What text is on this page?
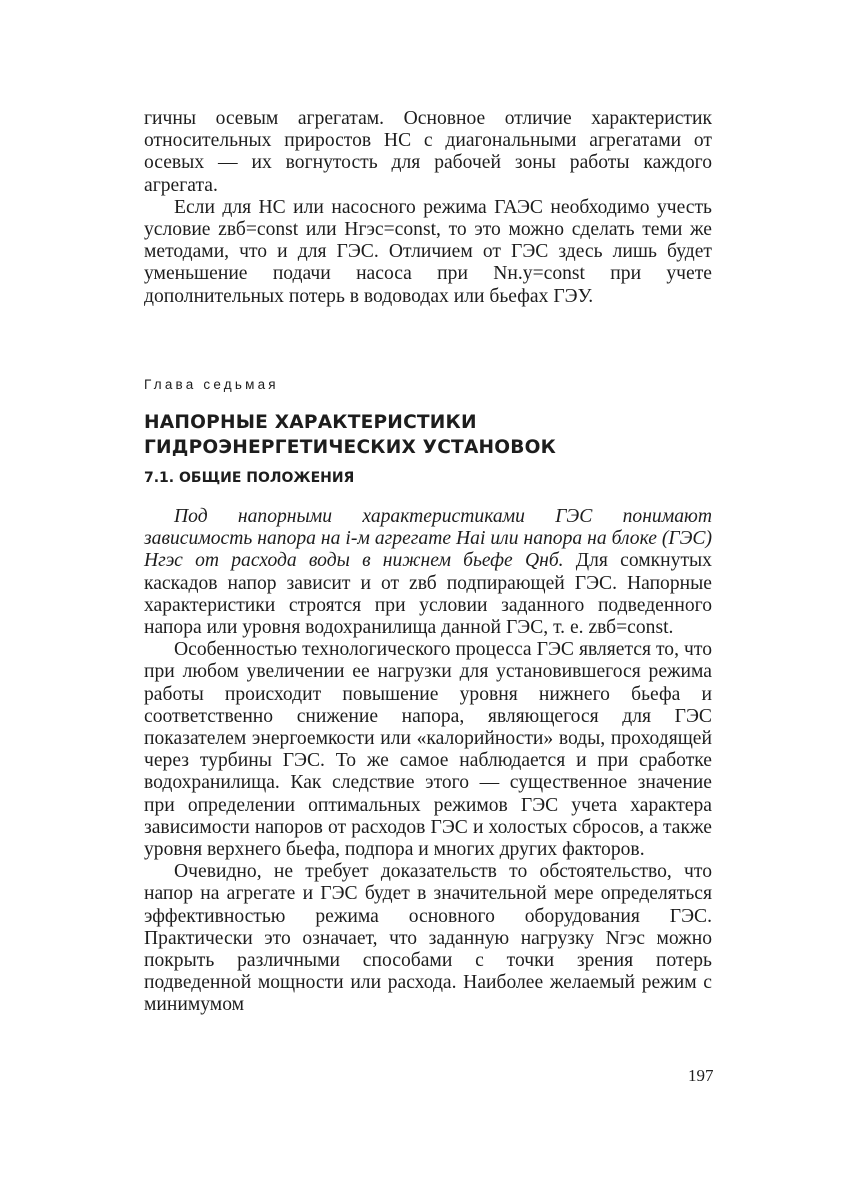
гичны осевым агрегатам. Основное отличие характеристик относительных приростов НС с диагональными агрегатами от осевых — их вогнутость для рабочей зоны работы каждого агрегата.

Если для НС или насосного режима ГАЭС необходимо учесть условие zвб=const или Hгэс=const, то это можно сделать теми же методами, что и для ГЭС. Отличием от ГЭС здесь лишь будет уменьшение подачи насоса при Nн.у=const при учете дополнительных потерь в водоводах или бьефах ГЭУ.

Глава седьмая

НАПОРНЫЕ ХАРАКТЕРИСТИКИ
ГИДРОЭНЕРГЕТИЧЕСКИХ УСТАНОВОК
7.1. ОБЩИЕ ПОЛОЖЕНИЯ

Под напорными характеристиками ГЭС понимают зависимость напора на i-м агрегате Hai или напора на блоке (ГЭС) Hгэс от расхода воды в нижнем бьефе Qнб. Для сомкнутых каскадов напор зависит и от zвб подпирающей ГЭС. Напорные характеристики строятся при условии заданного подведенного напора или уровня водохранилища данной ГЭС, т. е. zвб=const.

Особенностью технологического процесса ГЭС является то, что при любом увеличении ее нагрузки для установившегося режима работы происходит повышение уровня нижнего бьефа и соответственно снижение напора, являющегося для ГЭС показателем энергоемкости или «калорийности» воды, проходящей через турбины ГЭС. То же самое наблюдается и при сработке водохранилища. Как следствие этого — существенное значение при определении оптимальных режимов ГЭС учета характера зависимости напоров от расходов ГЭС и холостых сбросов, а также уровня верхнего бьефа, подпора и многих других факторов.

Очевидно, не требует доказательств то обстоятельство, что напор на агрегате и ГЭС будет в значительной мере определяться эффективностью режима основного оборудования ГЭС. Практически это означает, что заданную нагрузку Nгэс можно покрыть различными способами с точки зрения потерь подведенной мощности или расхода. Наиболее желаемый режим с минимумом

197
